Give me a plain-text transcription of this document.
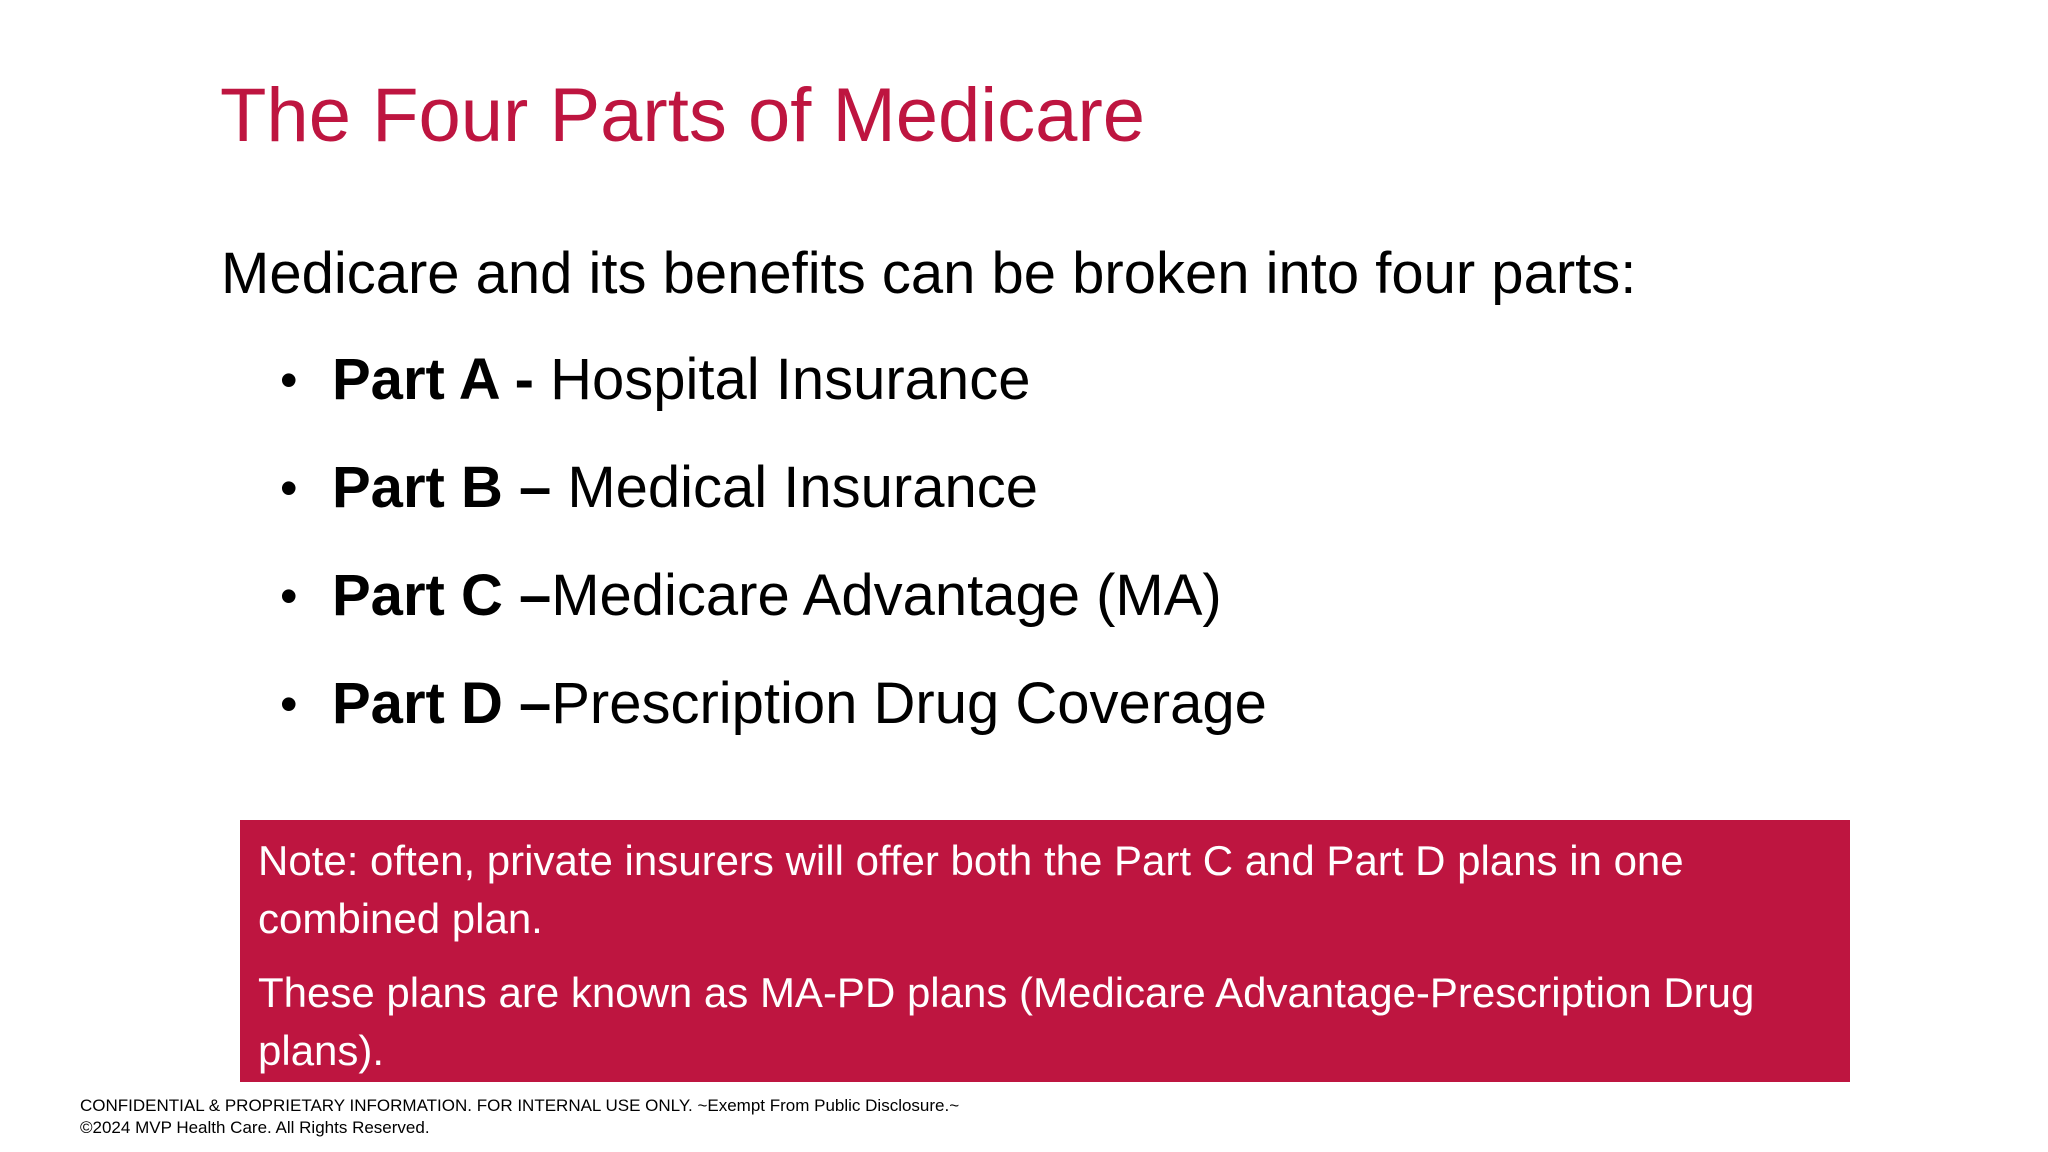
The Four Parts of Medicare
Medicare and its benefits can be broken into four parts:
• Part A - Hospital Insurance
• Part B – Medical Insurance
• Part C –Medicare Advantage (MA)
• Part D –Prescription Drug Coverage

Note: often, private insurers will offer both the Part C and Part D plans in one combined plan.

These plans are known as MA-PD plans (Medicare Advantage-Prescription Drug plans).

CONFIDENTIAL & PROPRIETARY INFORMATION. FOR INTERNAL USE ONLY. ~Exempt From Public Disclosure.~
©2024 MVP Health Care. All Rights Reserved.
